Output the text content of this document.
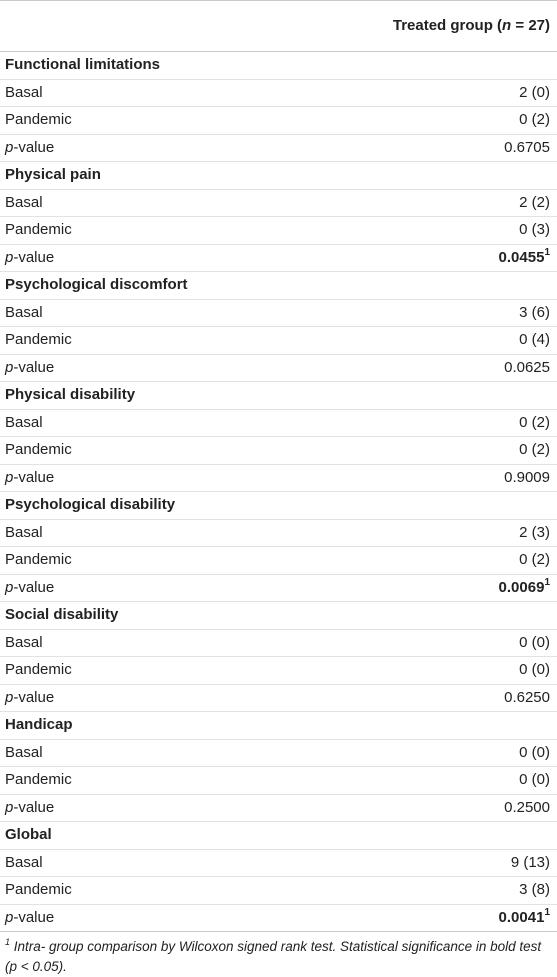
	Treated group (n = 27)
Functional limitations	
Basal	2 (0)
Pandemic	0 (2)
p-value	0.6705
Physical pain	
Basal	2 (2)
Pandemic	0 (3)
p-value	0.0455$^1$
Psychological discomfort	
Basal	3 (6)
Pandemic	0 (4)
p-value	0.0625
Physical disability	
Basal	0 (2)
Pandemic	0 (2)
p-value	0.9009
Psychological disability	
Basal	2 (3)
Pandemic	0 (2)
p-value	0.0069$^1$
Social disability	
Basal	0 (0)
Pandemic	0 (0)
p-value	0.6250
Handicap	
Basal	0 (0)
Pandemic	0 (0)
p-value	0.2500
Global	
Basal	9 (13)
Pandemic	3 (8)
p-value	0.0041$^1$
$^1$ Intra- group comparison by Wilcoxon signed rank test. Statistical significance in bold test (p < 0.05).
